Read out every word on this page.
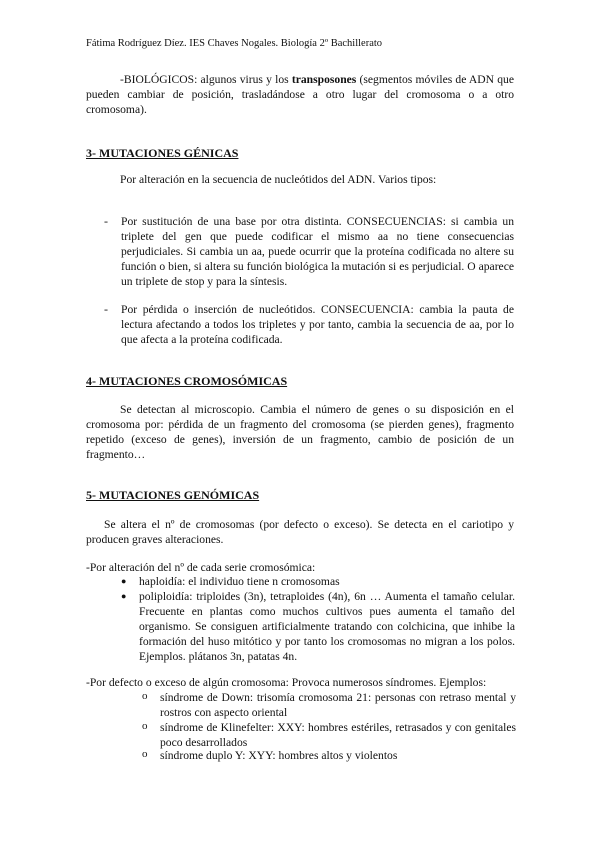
Fátima Rodríguez Díez. IES Chaves Nogales. Biología 2º Bachillerato
-BIOLÓGICOS: algunos virus y los transposones (segmentos móviles de ADN que pueden cambiar de posición, trasladándose a otro lugar del cromosoma o a otro cromosoma).
3- MUTACIONES GÉNICAS
Por alteración en la secuencia de nucleótidos del ADN. Varios tipos:
- Por sustitución de una base por otra distinta. CONSECUENCIAS: si cambia un triplete del gen que puede codificar el mismo aa no tiene consecuencias perjudiciales. Si cambia un aa, puede ocurrir que la proteína codificada no altere su función o bien, si altera su función biológica la mutación si es perjudicial. O aparece un triplete de stop y para la síntesis.
- Por pérdida o inserción de nucleótidos. CONSECUENCIA: cambia la pauta de lectura afectando a todos los tripletes y por tanto, cambia la secuencia de aa, por lo que afecta a la proteína codificada.
4- MUTACIONES CROMOSÓMICAS
Se detectan al microscopio. Cambia el número de genes o su disposición en el cromosoma por: pérdida de un fragmento del cromosoma (se pierden genes), fragmento repetido (exceso de genes), inversión de un fragmento, cambio de posición de un fragmento…
5- MUTACIONES GENÓMICAS
Se altera el nº de cromosomas (por defecto o exceso). Se detecta en el cariotipo y producen graves alteraciones.
-Por alteración del nº de cada serie cromosómica:
● haploidía: el individuo tiene n cromosomas
● poliploidía: triploides (3n), tetraploides (4n), 6n … Aumenta el tamaño celular. Frecuente en plantas como muchos cultivos pues aumenta el tamaño del organismo. Se consiguen artificialmente tratando con colchicina, que inhibe la formación del huso mitótico y por tanto los cromosomas no migran a los polos. Ejemplos. plátanos 3n, patatas 4n.
-Por defecto o exceso de algún cromosoma: Provoca numerosos síndromes. Ejemplos:
o síndrome de Down: trisomía cromosoma 21: personas con retraso mental y rostros con aspecto oriental
o síndrome de Klinefelter: XXY: hombres estériles, retrasados y con genitales poco desarrollados
o síndrome duplo Y: XYY: hombres altos y violentos
